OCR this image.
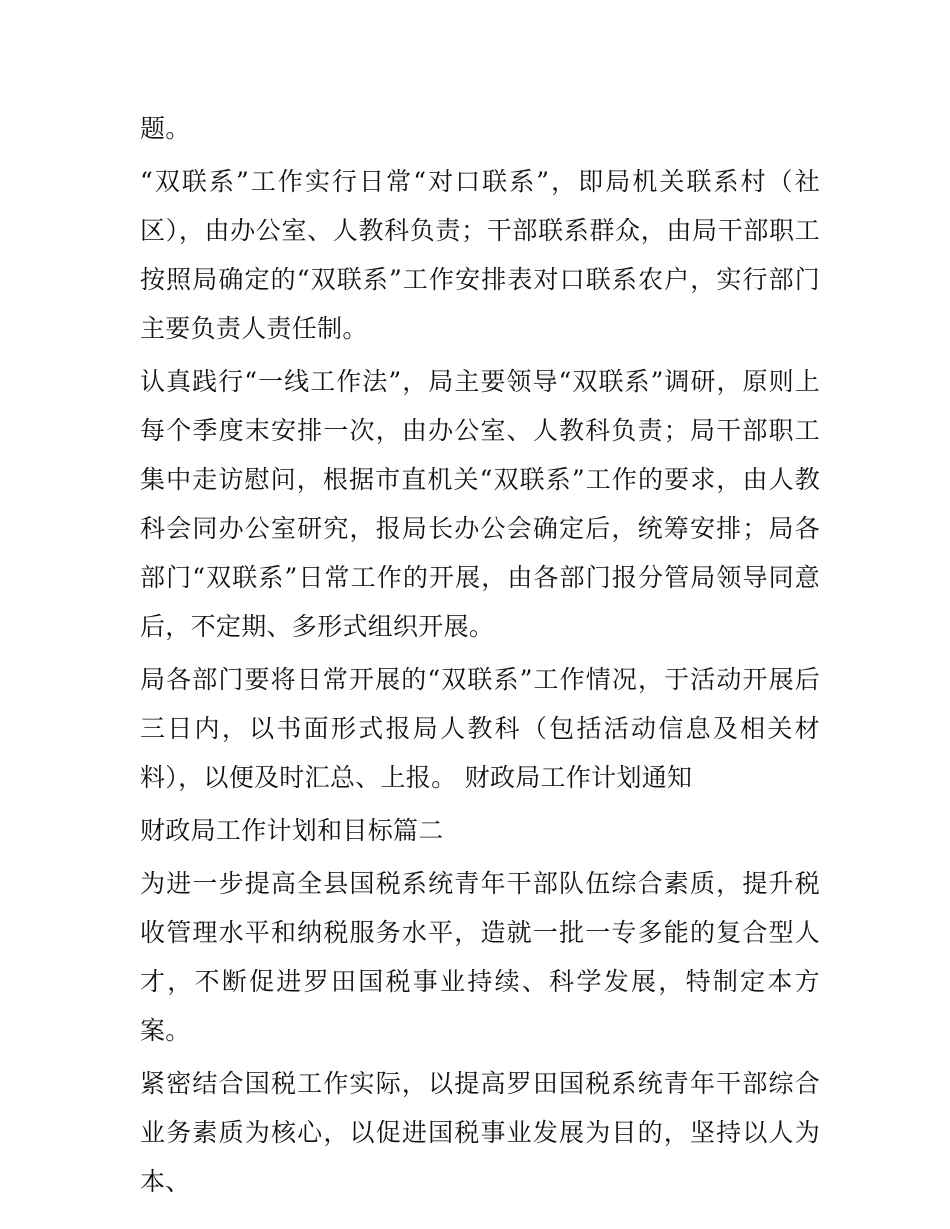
题。

“双联系”工作实行日常“对口联系”，即局机关联系村（社区），由办公室、人教科负责；干部联系群众，由局干部职工按照局确定的“双联系”工作安排表对口联系农户，实行部门主要负责人责任制。

认真践行“一线工作法”，局主要领导“双联系”调研，原则上每个季度末安排一次，由办公室、人教科负责；局干部职工集中走访慰问，根据市直机关“双联系”工作的要求，由人教科会同办公室研究，报局长办公会确定后，统筹安排；局各部门“双联系”日常工作的开展，由各部门报分管局领导同意后，不定期、多形式组织开展。

局各部门要将日常开展的“双联系”工作情况，于活动开展后三日内，以书面形式报局人教科（包括活动信息及相关材料），以便及时汇总、上报。 财政局工作计划通知

财政局工作计划和目标篇二

为进一步提高全县国税系统青年干部队伍综合素质，提升税收管理水平和纳税服务水平，造就一批一专多能的复合型人才，不断促进罗田国税事业持续、科学发展，特制定本方案。

紧密结合国税工作实际，以提高罗田国税系统青年干部综合业务素质为核心，以促进国税事业发展为目的，坚持以人为本、
